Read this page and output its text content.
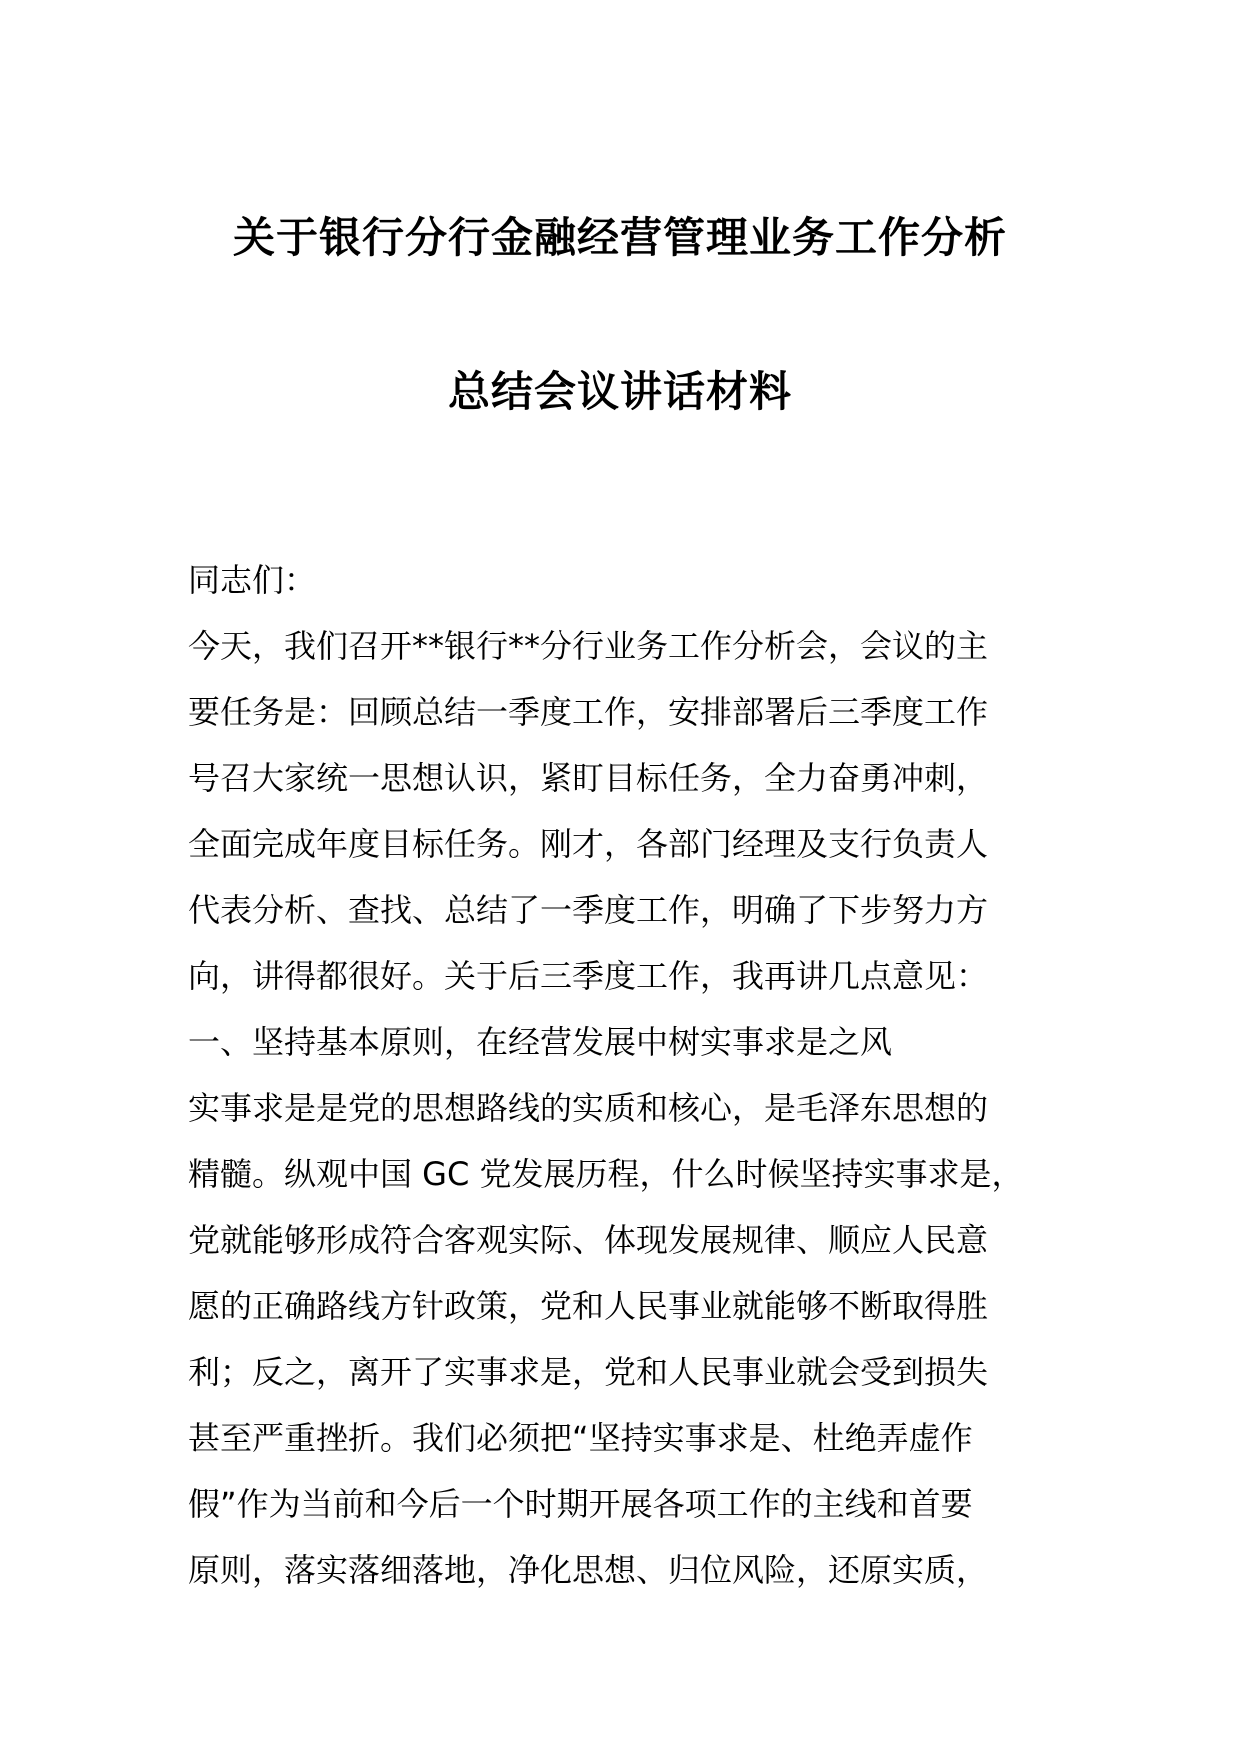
关于银行分行金融经营管理业务工作分析
总结会议讲话材料
同志们：
今天，我们召开**银行**分行业务工作分析会，会议的主
要任务是：回顾总结一季度工作，安排部署后三季度工作
号召大家统一思想认识，紧盯目标任务，全力奋勇冲刺，
全面完成年度目标任务。刚才，各部门经理及支行负责人
代表分析、查找、总结了一季度工作，明确了下步努力方
向，讲得都很好。关于后三季度工作，我再讲几点意见：
一、坚持基本原则，在经营发展中树实事求是之风
实事求是是党的思想路线的实质和核心，是毛泽东思想的
精髓。纵观中国 GC 党发展历程，什么时候坚持实事求是，
党就能够形成符合客观实际、体现发展规律、顺应人民意
愿的正确路线方针政策，党和人民事业就能够不断取得胜
利；反之，离开了实事求是，党和人民事业就会受到损失
甚至严重挫折。我们必须把“坚持实事求是、杜绝弄虚作
假”作为当前和今后一个时期开展各项工作的主线和首要
原则，落实落细落地，净化思想、归位风险，还原实质，
